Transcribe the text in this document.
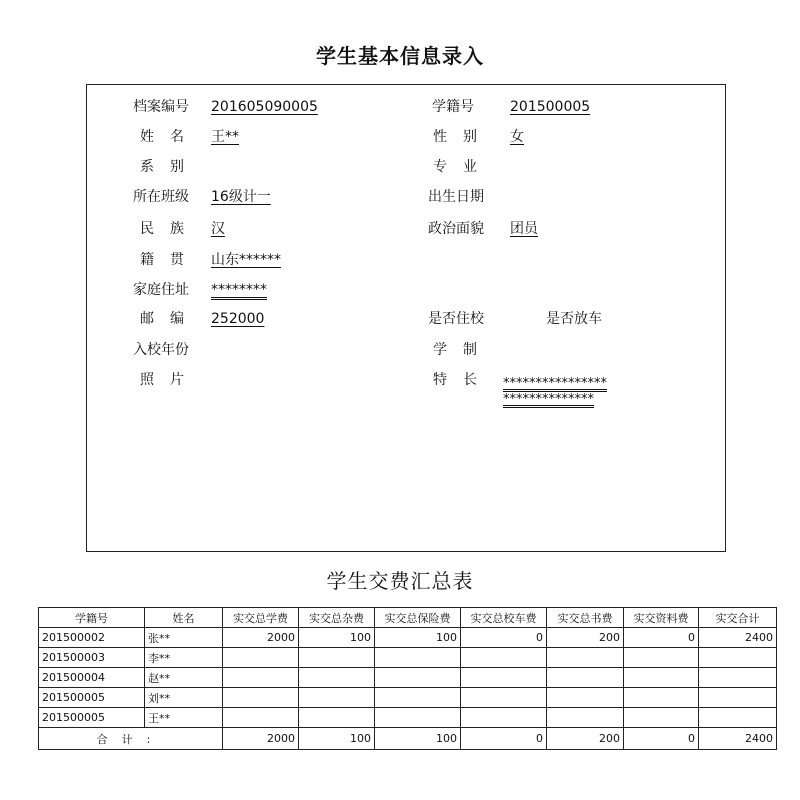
学生基本信息录入
档案编号 201605090005	学籍号	201500005
姓名 王**	性别 女
系别	专业
所在班级 16级计一	出生日期
民族 汉	政治面貌 团员
籍贯 山东******
家庭住址 ********
邮编 252000	是否住校	是否放车
入校年份	学制
照片	特长 ****************
**************
学生交费汇总表
学籍号	姓名	实交总学费	实交总杂费	实交总保险费	实交总校车费	实交总书费	实交资料费	实交合计
201500002	张**	2000	100	100	0	200	0	2400
201500003	李**							
201500004	赵**							
201500005	刘**							
201500005	王**							
合计:		2000	100	100	0	200	0	2400
